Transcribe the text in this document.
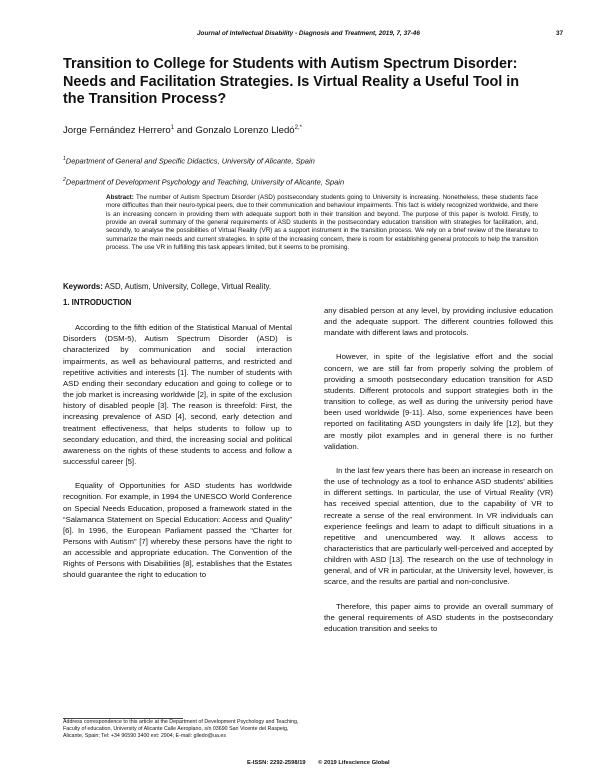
Journal of Intellectual Disability - Diagnosis and Treatment, 2019, 7, 37-46	37
Transition to College for Students with Autism Spectrum Disorder: Needs and Facilitation Strategies. Is Virtual Reality a Useful Tool in the Transition Process?
Jorge Fernández Herrero$^1$ and Gonzalo Lorenzo Lledó$^{2,*}$
$^1$Department of General and Specific Didactics, University of Alicante, Spain
$^2$Department of Development Psychology and Teaching, University of Alicante, Spain
Abstract: The number of Autism Spectrum Disorder (ASD) postsecondary students going to University is increasing. Nonetheless, these students face more difficultes than their neuro-typical peers, due to their communication and behaviour impairments. This fact is widely recognized worldwide, and there is an increasing concern in providing them with adequate support both in their transition and beyond. The purpose of this paper is twofold. Firstly, to provide an overall summary of the general requirements of ASD students in the postsecondary education transition with strategies for facilitation, and, secondly, to analyse the possibilities of Virtual Reality (VR) as a support instrument in the transition process. We rely on a brief review of the literature to summarize the main needs and current strategies. In spite of the increasing concern, there is room for establishing general protocols to help the transition process. The use VR in fulfilling this task appears limited, but it seems to be promising.
Keywords: ASD, Autism, University, College, Virtual Reality.
1. INTRODUCTION

According to the fifth edition of the Statistical Manual of Mental Disorders (DSM-5), Autism Spectrum Disorder (ASD) is characterized by communication and social interaction impairments, as well as behavioural patterns, and restricted and repetitive activities and interests [1]. The number of students with ASD ending their secondary education and going to college or to the job market is increasing worldwide [2], in spite of the exclusion history of disabled people [3]. The reason is threefold: First, the increasing prevalence of ASD [4], second, early detection and treatment effectiveness, that helps students to follow up to secondary education, and third, the increasing social and political awareness on the rights of these students to access and follow a successful career [5].

Equality of Opportunities for ASD students has worldwide recognition. For example, in 1994 the UNESCO World Conference on Special Needs Education, proposed a framework stated in the “Salamanca Statement on Special Education: Access and Quality” [6]. In 1996, the European Parliament passed the “Charter for Persons with Autism” [7] whereby these persons have the right to an accessible and appropriate education. The Convention of the Rights of Persons with Disabilities [8], establishes that the Estates should guarantee the right to education to

any disabled person at any level, by providing inclusive education and the adequate support. The different countries followed this mandate with different laws and protocols.

However, in spite of the legislative effort and the social concern, we are still far from properly solving the problem of providing a smooth postsecondary education transition for ASD students. Different protocols and support strategies both in the transition to college, as well as during the university period have been used worldwide [9-11]. Also, some experiences have been reported on facilitating ASD youngsters in daily life [12], but they are mostly pilot examples and in general there is no further validation.

In the last few years there has been an increase in research on the use of technology as a tool to enhance ASD students’ abilities in different settings. In particular, the use of Virtual Reality (VR) has received special attention, due to the capability of VR to recreate a sense of the real environment. In VR individuals can experience feelings and learn to adapt to difficult situations in a repetitive and unencumbered way. It allows access to characteristics that are particularly well-perceived and accepted by children with ASD [13]. The research on the use of technology in general, and of VR in particular, at the University level, however, is scarce, and the results are partial and non-conclusive.

Therefore, this paper aims to provide an overall summary of the general requirements of ASD students in the postsecondary education transition and seeks to

Address correspondence to this article at the Department of Development Psychology and Teaching, Faculty of education, University of Alicante Calle Aeroplano, s/n 03690 San Vicente del Raspeig, Alicante, Spain; Tel: +34 96590 3400 ext: 2904; E-mail: glledo@ua.es
E-ISSN: 2292-2598/19 © 2019 Lifescience Global
